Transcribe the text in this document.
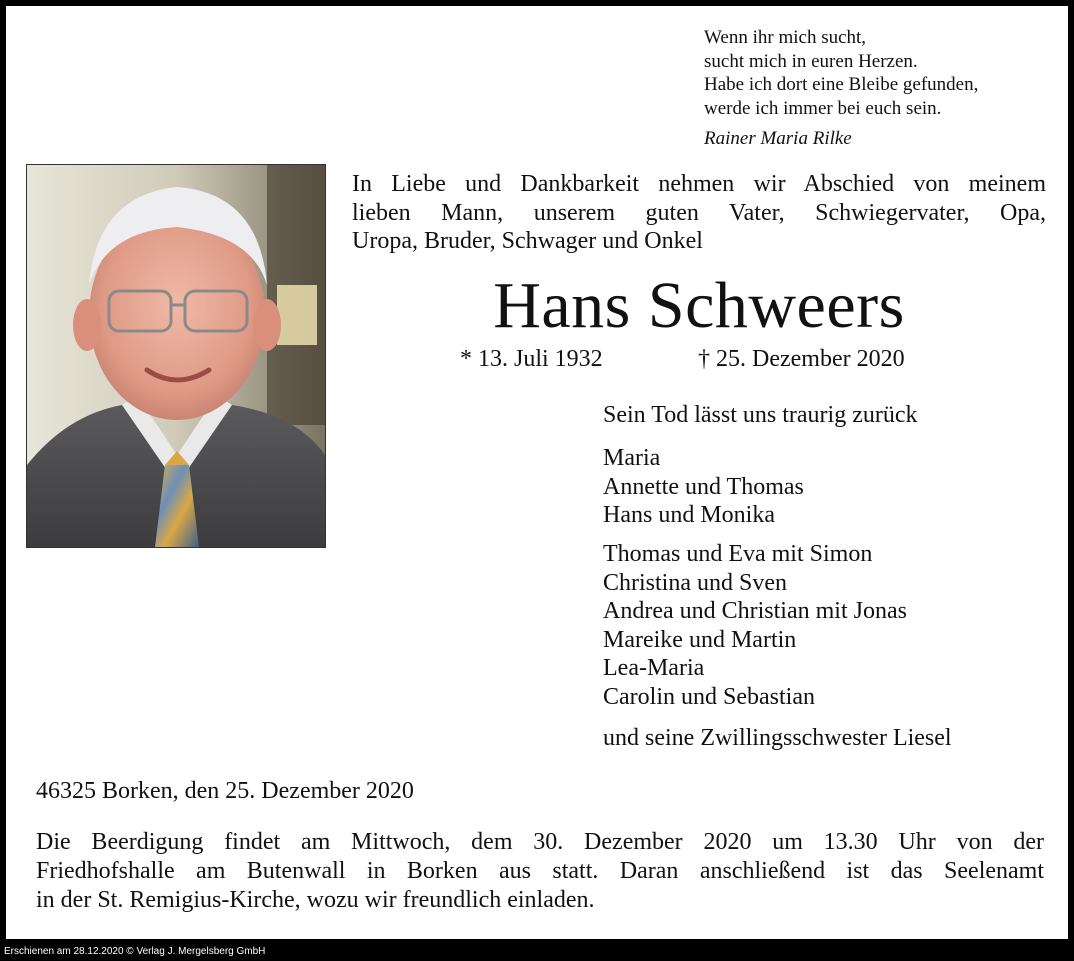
Wenn ihr mich sucht,
sucht mich in euren Herzen.
Habe ich dort eine Bleibe gefunden,
werde ich immer bei euch sein.
Rainer Maria Rilke
In Liebe und Dankbarkeit nehmen wir Abschied von meinem
lieben Mann, unserem guten Vater, Schwiegervater, Opa,
Uropa, Bruder, Schwager und Onkel
Hans Schweers
* 13. Juli 1932	† 25. Dezember 2020
Sein Tod lässt uns traurig zurück
Maria
Annette und Thomas
Hans und Monika
Thomas und Eva mit Simon
Christina und Sven
Andrea und Christian mit Jonas
Mareike und Martin
Lea-Maria
Carolin und Sebastian
und seine Zwillingsschwester Liesel
46325 Borken, den 25. Dezember 2020
Die Beerdigung findet am Mittwoch, dem 30. Dezember 2020 um 13.30 Uhr von der
Friedhofshalle am Butenwall in Borken aus statt. Daran anschließend ist das Seelenamt
in der St. Remigius-Kirche, wozu wir freundlich einladen.
Erschienen am 28.12.2020 © Verlag J. Mergelsberg GmbH
